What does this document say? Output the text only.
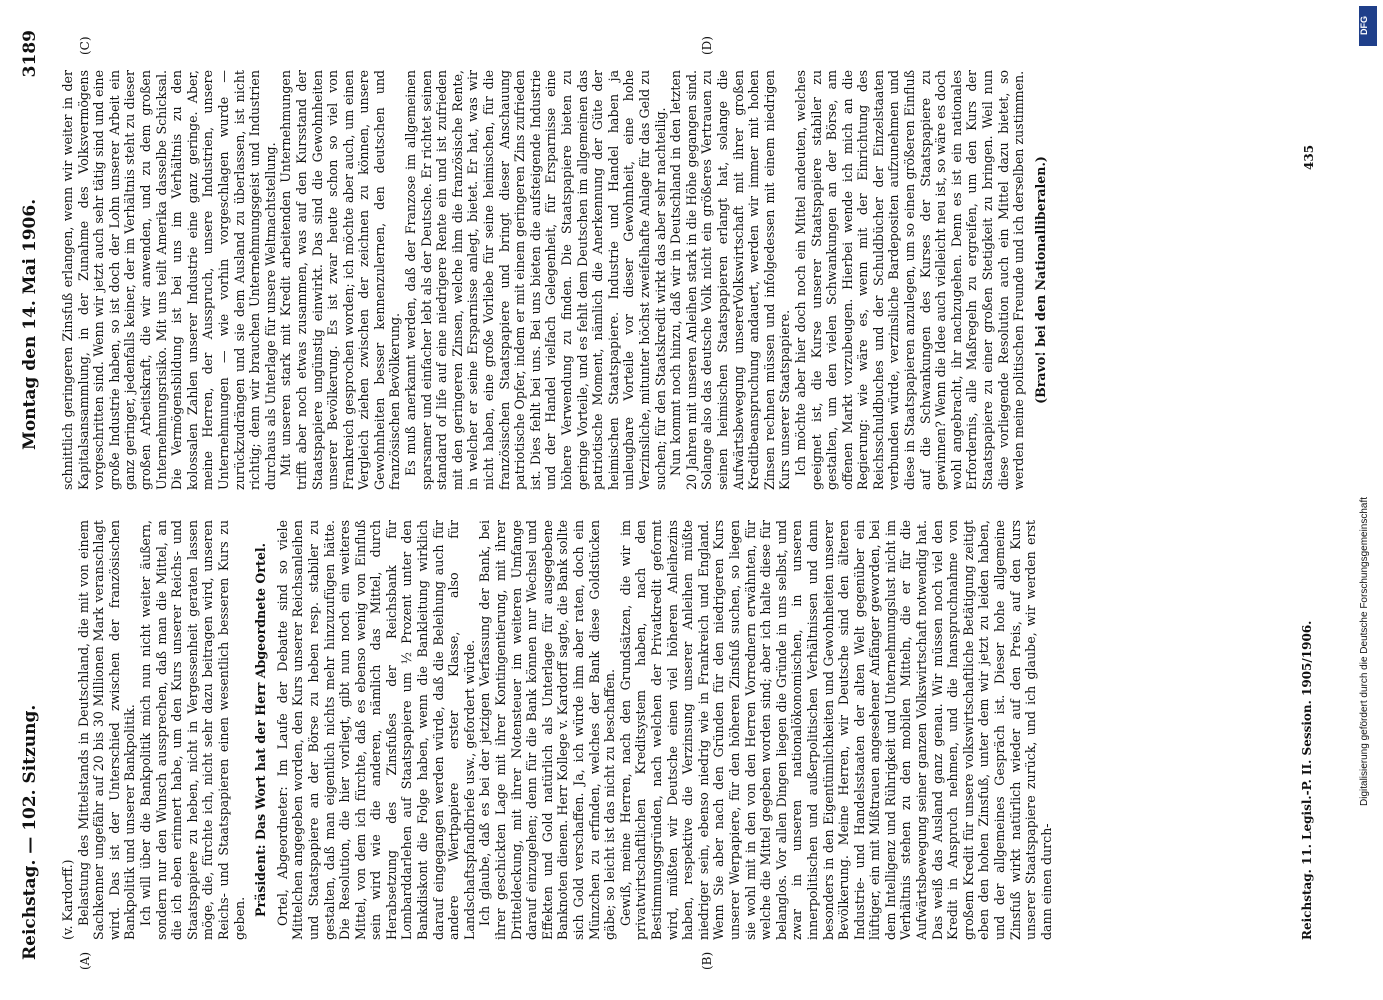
Reichstag. — 102. Sitzung.
Montag den 14. Mai 1906.
3189
(A)	(B)
(C)	(D)

(v. Kardorff.) Belastung des Mittelstands in Deutschland, die mit von einem Sachkenner ungefähr auf 20 bis 30 Millionen Mark veranschlagt wird. Das ist der Unterschied zwischen der französischen Bankpolitik und unserer Bankpolitik. Ich will über die Bankpolitik mich nun nicht weiter äußern, sondern nur den Wunsch aussprechen, daß man die Mittel, an die ich eben erinnert habe, um den Kurs unserer Reichs- und Staatspapiere zu heben, nicht in Vergessenheit geraten lassen möge, die, fürchte ich, nicht sehr dazu beitragen wird, unseren Reichs- und Staatspapieren einen wesentlich besseren Kurs zu geben.

Präsident: Das Wort hat der Herr Abgeordnete Ortel. Ortel, Abgeordneter: Im Laufe der Debatte sind so viele Mittelchen angegeben worden, den Kurs unserer Reichsanleihen und Staatspapiere an der Börse zu heben resp. stabiler zu gestalten, daß man eigentlich nichts mehr hinzuzufügen hätte. Die Resolution, die hier vorliegt, gibt nun noch ein weiteres Mittel, von dem ich fürchte, daß es ebenso wenig von Einfluß sein wird wie die anderen, nämlich das Mittel, durch Herabsetzung des Zinsfußes der Reichsbank für Lombarddarlehen auf Staatspapiere um ½ Prozent unter den Bankdiskont die Folge haben, wenn die Bankleitung wirklich darauf eingegangen werden würde, daß die Beleihung auch für andere Wertpapiere erster Klasse, also für Landschaftspfandbriefe usw., gefordert würde. Ich glaube, daß es bei der jetzigen Verfassung der Bank, bei ihrer geschickten Lage mit ihrer Kontingentierung, mit ihrer Dritteldeckung, mit ihrer Notensteuer im weiteren Umfange darauf einzugehen; denn für die Bank können nur Wechsel und Effekten und Gold natürlich als Unterlage für ausgegebene Banknoten dienen. Herr Kollege v. Kardorff sagte, die Bank sollte sich Gold verschaffen. Ja, ich würde ihm aber raten, doch ein Münzchen zu erfinden, welches der Bank diese Goldstücken gäbe; so leicht ist das nicht zu beschaffen. Gewiß, meine Herren, nach den Grundsätzen, die wir im privatwirtschaftlichen Kreditsystem haben, nach den Bestimmungsgründen, nach welchen der Privatkredit geformt wird, müßten wir Deutsche einen viel höheren Anleihezins haben, respektive die Verzinsung unserer Anleihen müßte niedriger sein, ebenso niedrig wie in Frankreich und England. Wenn Sie aber nach den Gründen für den niedrigeren Kurs unserer Werpapiere, für den höheren Zinsfuß suchen, so liegen sie wohl mit in den von den Herren Vorrednern erwähnten, für welche die Mittel gegeben worden sind; aber ich halte diese für belanglos. Vor allen Dingen liegen die Gründe in uns selbst, und zwar in unseren nationalökonomischen, in unseren innerpolitischen und außerpolitischen Verhältnissen und dann besonders in den Eigentümlichkeiten und Gewohnheiten unserer Bevölkerung. Meine Herren, wir Deutsche sind den älteren Industrie- und Handelsstaaten der alten Welt gegenüber ein lüftiger, ein mit Mißtrauen angesehener Anfänger geworden, bei dem Intelligenz und Rührigkeit und Unternehmungslust nicht im Verhältnis stehen zu den mobilen Mitteln, die er für die Aufwärtsbewegung seiner ganzen Volkswirtschaft notwendig hat. Das weiß das Ausland ganz genau. Wir müssen noch viel den Kredit in Anspruch nehmen, und die Inanspruchnahme von großem Kredit für unsere volkswirtschaftliche Betätigung zeitigt eben den hohen Zinsfuß, unter dem wir jetzt zu leiden haben, und der allgemeines Gespräch ist. Dieser hohe allgemeine Zinsfuß wirkt natürlich wieder auf den Preis, auf den Kurs unserer Staatspapiere zurück, und ich glaube, wir werden erst dann einen durch-

schnittlich geringeren Zinsfuß erlangen, wenn wir weiter in der Kapitalsansammlung, in der Zunahme des Volksvermögens vorgeschritten sind. Wenn wir jetzt auch sehr tätig sind und eine große Industrie haben, so ist doch der Lohn unserer Arbeit ein ganz geringer, jedenfalls keiner, der im Verhältnis steht zu dieser großen Arbeitskraft, die wir anwenden, und zu dem großen Unternehmungsrisiko. Mit uns teilt Amerika dasselbe Schicksal. Die Vermögensbildung ist bei uns im Verhältnis zu den kolossalen Zahlen unserer Industrie eine ganz geringe. Aber, meine Herren, der Ausspruch, unsere Industrien, unsere Unternehmungen — wie vorhin vorgeschlagen wurde — zurückzudrängen und sie dem Ausland zu überlassen, ist nicht richtig; denn wir brauchen Unternehmungsgeist und Industrien durchaus als Unterlage für unsere Weltmachtstellung. Mit unseren stark mit Kredit arbeitenden Unternehmungen trifft aber noch etwas zusammen, was auf den Kursstand der Staatspapiere ungünstig einwirkt. Das sind die Gewohnheiten unserer Bevölkerung. Es ist zwar heute schon so viel von Frankreich gesprochen worden; ich möchte aber auch, um einen Vergleich ziehen zwischen der zeichnen zu können, unsere Gewohnheiten besser kennenzulernen, den deutschen und französischen Bevölkerung. Es muß anerkannt werden, daß der Franzose im allgemeinen sparsamer und einfacher lebt als der Deutsche. Er richtet seinen standard of life auf eine niedrigere Rente ein und ist zufrieden mit den geringeren Zinsen, welche ihm die französische Rente, in welcher er seine Ersparnisse anlegt, bietet. Er hat, was wir nicht haben, eine große Vorliebe für seine heimischen, für die französischen Staatspapiere und bringt dieser Anschauung patriotische Opfer, indem er mit einem geringeren Zins zufrieden ist. Dies fehlt bei uns. Bei uns bieten die aufsteigende Industrie und der Handel vielfach Gelegenheit, für Ersparnisse eine höhere Verwendung zu finden. Die Staatspapiere bieten zu geringe Vorteile, und es fehlt dem Deutschen im allgemeinen das patriotische Moment, nämlich die Anerkennung der Güte der heimischen Staatspapiere. Industrie und Handel haben ja unleugbare Vorteile vor dieser Gewohnheit, eine hohe Verzinsliche, mitunter höchst zweifelhafte Anlage für das Geld zu suchen; für den Staatskredit wirkt das aber sehr nachteilig. Nun kommt noch hinzu, daß wir in Deutschland in den letzten 20 Jahren mit unseren Anleihen stark in die Höhe gegangen sind. Solange also das deutsche Volk nicht ein größeres Vertrauen zu seinen heimischen Staatspapieren erlangt hat, solange die Aufwärtsbewegung unsererVolkswirtschaft mit ihrer großen Kreditbeanspruchung andauert, werden wir immer mit hohen Zinsen rechnen müssen und infolgedessen mit einem niedrigen Kurs unserer Staatspapiere. Ich möchte aber hier doch noch ein Mittel andeuten, welches geeignet ist, die Kurse unserer Staatspapiere stabiler zu gestalten, um den vielen Schwankungen an der Börse, am offenen Markt vorzubeugen. Hierbei wende ich mich an die Regierung: wie wäre es, wenn mit der Einrichtung des Reichsschuldbuches und der Schuldbücher der Einzelstaaten verbunden würde, verzinsliche Bardepositen aufzunehmen und diese in Staatspapieren anzulegen, um so einen größeren Einfluß auf die Schwankungen des Kurses der Staatspapiere zu gewinnen? Wenn die Idee auch vielleicht neu ist, so wäre es doch wohl angebracht, ihr nachzugehen. Denn es ist ein nationales Erfordernis, alle Maßregeln zu ergreifen, um den Kurs der Staatspapiere zu einer großen Stetigkeit zu bringen. Weil nun diese vorliegende Resolution auch ein Mittel dazu bietet, so werden meine politischen Freunde und ich derselben zustimmen. (Bravo! bei den Nationalliberalen.)

Reichstag. 11. Legisl.-P. II. Session. 1905/1906.
435
Digitalisierung gefördert durch die Deutsche Forschungsgemeinschaft
DFG
